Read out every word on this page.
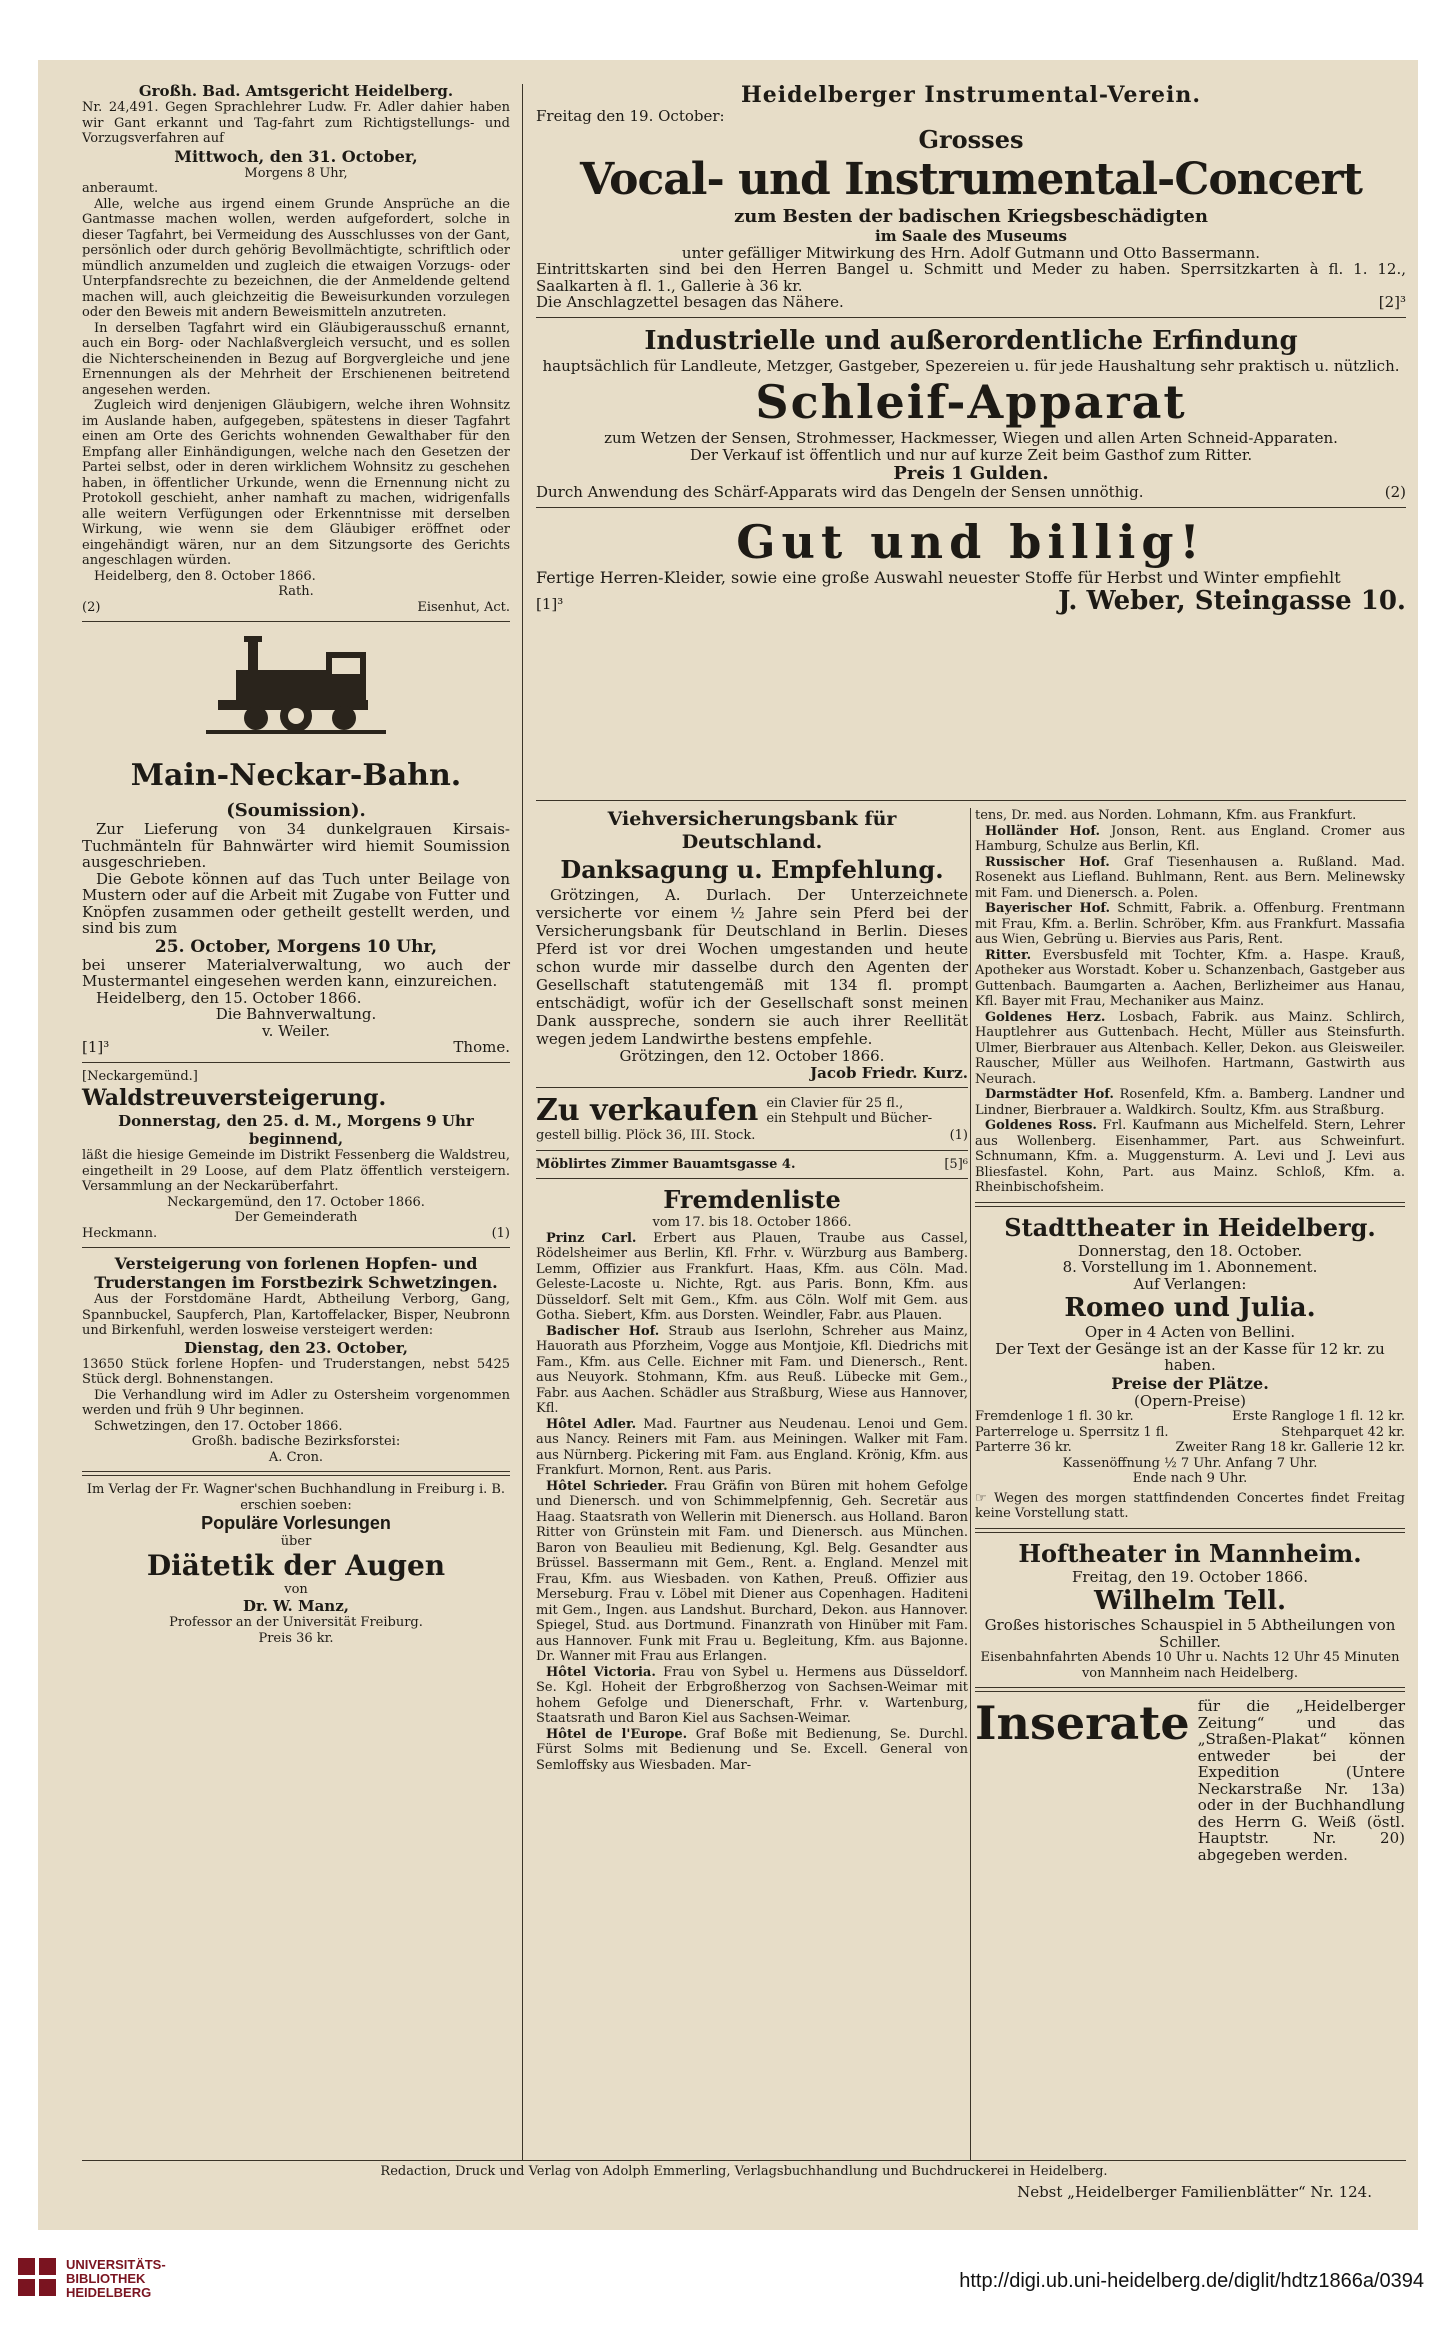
Großh. Bad. Amtsgericht Heidelberg.

Nr. 24,491. Gegen Sprachlehrer Ludw. Fr. Adler dahier haben wir Gant erkannt und Tag-fahrt zum Richtigstellungs- und Vorzugsverfahren auf

Mittwoch, den 31. October,

Morgens 8 Uhr,

anberaumt.

Alle, welche aus irgend einem Grunde Ansprüche an die Gantmasse machen wollen, werden aufgefordert, solche in dieser Tagfahrt, bei Vermeidung des Ausschlusses von der Gant, persönlich oder durch gehörig Bevollmächtigte, schriftlich oder mündlich anzumelden und zugleich die etwaigen Vorzugs- oder Unterpfandsrechte zu bezeichnen, die der Anmeldende geltend machen will, auch gleichzeitig die Beweisurkunden vorzulegen oder den Beweis mit andern Beweismitteln anzutreten.

In derselben Tagfahrt wird ein Gläubigerausschuß ernannt, auch ein Borg- oder Nachlaßvergleich versucht, und es sollen die Nichterscheinenden in Bezug auf Borgvergleiche und jene Ernennungen als der Mehrheit der Erschienenen beitretend angesehen werden.

Zugleich wird denjenigen Gläubigern, welche ihren Wohnsitz im Auslande haben, aufgegeben, spätestens in dieser Tagfahrt einen am Orte des Gerichts wohnenden Gewalthaber für den Empfang aller Einhändigungen, welche nach den Gesetzen der Partei selbst, oder in deren wirklichem Wohnsitz zu geschehen haben, in öffentlicher Urkunde, wenn die Ernennung nicht zu Protokoll geschieht, anher namhaft zu machen, widrigenfalls alle weitern Verfügungen oder Erkenntnisse mit derselben Wirkung, wie wenn sie dem Gläubiger eröffnet oder eingehändigt wären, nur an dem Sitzungsorte des Gerichts angeschlagen würden.

Heidelberg, den 8. October 1866.

Rath.

(2)	Eisenhut, Act.

Main-Neckar-Bahn.

(Soumission).

Zur Lieferung von 34 dunkelgrauen Kirsais-Tuchmänteln für Bahnwärter wird hiemit Soumission ausgeschrieben.

Die Gebote können auf das Tuch unter Beilage von Mustern oder auf die Arbeit mit Zugabe von Futter und Knöpfen zusammen oder getheilt gestellt werden, und sind bis zum

25. October, Morgens 10 Uhr,

bei unserer Materialverwaltung, wo auch der Mustermantel eingesehen werden kann, einzureichen.

Heidelberg, den 15. October 1866.

Die Bahnverwaltung.

v. Weiler.

[1]³	Thome.

[Neckargemünd.]

Waldstreuversteigerung.

Donnerstag, den 25. d. M., Morgens 9 Uhr beginnend,

läßt die hiesige Gemeinde im Distrikt Fessenberg die Waldstreu, eingetheilt in 29 Loose, auf dem Platz öffentlich versteigern. Versammlung an der Neckarüberfahrt.

Neckargemünd, den 17. October 1866.

Der Gemeinderath

Heckmann.	(1)

Versteigerung von forlenen Hopfen- und Truderstangen im Forstbezirk Schwetzingen.

Aus der Forstdomäne Hardt, Abtheilung Verborg, Gang, Spannbuckel, Saupferch, Plan, Kartoffelacker, Bisper, Neubronn und Birkenfuhl, werden losweise versteigert werden:

Dienstag, den 23. October,

13650 Stück forlene Hopfen- und Truderstangen, nebst 5425 Stück dergl. Bohnenstangen.

Die Verhandlung wird im Adler zu Ostersheim vorgenommen werden und früh 9 Uhr beginnen.

Schwetzingen, den 17. October 1866.

Großh. badische Bezirksforstei:

A. Cron.

Im Verlag der Fr. Wagner'schen Buchhandlung in Freiburg i. B. erschien soeben:

Populäre Vorlesungen

über

Diätetik der Augen

von

Dr. W. Manz,

Professor an der Universität Freiburg.

Preis 36 kr.

Heidelberger Instrumental-Verein.

Freitag den 19. October:

Grosses

Vocal- und Instrumental-Concert

zum Besten der badischen Kriegsbeschädigten

im Saale des Museums

unter gefälliger Mitwirkung des Hrn. Adolf Gutmann und Otto Bassermann.

Eintrittskarten sind bei den Herren Bangel u. Schmitt und Meder zu haben. Sperrsitzkarten à fl. 1. 12., Saalkarten à fl. 1., Gallerie à 36 kr.

Die Anschlagzettel besagen das Nähere.	[2]³

Industrielle und außerordentliche Erfindung

hauptsächlich für Landleute, Metzger, Gastgeber, Spezereien u. für jede Haushaltung sehr praktisch u. nützlich.

Schleif-Apparat

zum Wetzen der Sensen, Strohmesser, Hackmesser, Wiegen und allen Arten Schneid-Apparaten.

Der Verkauf ist öffentlich und nur auf kurze Zeit beim Gasthof zum Ritter.

Preis 1 Gulden.

Durch Anwendung des Schärf-Apparats wird das Dengeln der Sensen unnöthig.	(2)

Gut und billig!

Fertige Herren-Kleider, sowie eine große Auswahl neuester Stoffe für Herbst und Winter empfiehlt

[1]³	J. Weber, Steingasse 10.

Viehversicherungsbank für Deutschland.

Danksagung u. Empfehlung.

Grötzingen, A. Durlach. Der Unterzeichnete versicherte vor einem ½ Jahre sein Pferd bei der Versicherungsbank für Deutschland in Berlin. Dieses Pferd ist vor drei Wochen umgestanden und heute schon wurde mir dasselbe durch den Agenten der Gesellschaft statutengemäß mit 134 fl. prompt entschädigt, wofür ich der Gesellschaft sonst meinen Dank ausspreche, sondern sie auch ihrer Reellität wegen jedem Landwirthe bestens empfehle.

Grötzingen, den 12. October 1866.

Jacob Friedr. Kurz.

Zu verkaufen ein Clavier für 25 fl.,

ein Stehpult und Bücher-

gestell billig. Plöck 36, III. Stock.	(1)
Möblirtes Zimmer Bauamtsgasse 4.	[5]⁶

Fremdenliste

vom 17. bis 18. October 1866.

Prinz Carl. Erbert aus Plauen, Traube aus Cassel, Rödelsheimer aus Berlin, Kfl. Frhr. v. Würzburg aus Bamberg. Lemm, Offizier aus Frankfurt. Haas, Kfm. aus Cöln. Mad. Geleste-Lacoste u. Nichte, Rgt. aus Paris. Bonn, Kfm. aus Düsseldorf. Selt mit Gem., Kfm. aus Cöln. Wolf mit Gem. aus Gotha. Siebert, Kfm. aus Dorsten. Weindler, Fabr. aus Plauen.

Badischer Hof. Straub aus Iserlohn, Schreher aus Mainz, Hauorath aus Pforzheim, Vogge aus Montjoie, Kfl. Diedrichs mit Fam., Kfm. aus Celle. Eichner mit Fam. und Dienersch., Rent. aus Neuyork. Stohmann, Kfm. aus Reuß. Lübecke mit Gem., Fabr. aus Aachen. Schädler aus Straßburg, Wiese aus Hannover, Kfl.

Hôtel Adler. Mad. Faurtner aus Neudenau. Lenoi und Gem. aus Nancy. Reiners mit Fam. aus Meiningen. Walker mit Fam. aus Nürnberg. Pickering mit Fam. aus England. Krönig, Kfm. aus Frankfurt. Mornon, Rent. aus Paris.

Hôtel Schrieder. Frau Gräfin von Büren mit hohem Gefolge und Dienersch. und von Schimmelpfennig, Geh. Secretär aus Haag. Staatsrath von Wellerin mit Dienersch. aus Holland. Baron Ritter von Grünstein mit Fam. und Dienersch. aus München. Baron von Beaulieu mit Bedienung, Kgl. Belg. Gesandter aus Brüssel. Bassermann mit Gem., Rent. a. England. Menzel mit Frau, Kfm. aus Wiesbaden. von Kathen, Preuß. Offizier aus Merseburg. Frau v. Löbel mit Diener aus Copenhagen. Haditeni mit Gem., Ingen. aus Landshut. Burchard, Dekon. aus Hannover. Spiegel, Stud. aus Dortmund. Finanzrath von Hinüber mit Fam. aus Hannover. Funk mit Frau u. Begleitung, Kfm. aus Bajonne. Dr. Wanner mit Frau aus Erlangen.

Hôtel Victoria. Frau von Sybel u. Hermens aus Düsseldorf. Se. Kgl. Hoheit der Erbgroßherzog von Sachsen-Weimar mit hohem Gefolge und Dienerschaft, Frhr. v. Wartenburg, Staatsrath und Baron Kiel aus Sachsen-Weimar.

Hôtel de l'Europe. Graf Boße mit Bedienung, Se. Durchl. Fürst Solms mit Bedienung und Se. Excell. General von Semloffsky aus Wiesbaden. Mar-

tens, Dr. med. aus Norden. Lohmann, Kfm. aus Frankfurt.

Holländer Hof. Jonson, Rent. aus England. Cromer aus Hamburg, Schulze aus Berlin, Kfl.

Russischer Hof. Graf Tiesenhausen a. Rußland. Mad. Rosenekt aus Liefland. Buhlmann, Rent. aus Bern. Melinewsky mit Fam. und Dienersch. a. Polen.

Bayerischer Hof. Schmitt, Fabrik. a. Offenburg. Frentmann mit Frau, Kfm. a. Berlin. Schröber, Kfm. aus Frankfurt. Massafia aus Wien, Gebrüng u. Biervies aus Paris, Rent.

Ritter. Eversbusfeld mit Tochter, Kfm. a. Haspe. Krauß, Apotheker aus Worstadt. Kober u. Schanzenbach, Gastgeber aus Guttenbach. Baumgarten a. Aachen, Berlizheimer aus Hanau, Kfl. Bayer mit Frau, Mechaniker aus Mainz.

Goldenes Herz. Losbach, Fabrik. aus Mainz. Schlirch, Hauptlehrer aus Guttenbach. Hecht, Müller aus Steinsfurth. Ulmer, Bierbrauer aus Altenbach. Keller, Dekon. aus Gleisweiler. Rauscher, Müller aus Weilhofen. Hartmann, Gastwirth aus Neurach.

Darmstädter Hof. Rosenfeld, Kfm. a. Bamberg. Landner und Lindner, Bierbrauer a. Waldkirch. Soultz, Kfm. aus Straßburg.

Goldenes Ross. Frl. Kaufmann aus Michelfeld. Stern, Lehrer aus Wollenberg. Eisenhammer, Part. aus Schweinfurt. Schnumann, Kfm. a. Muggensturm. A. Levi und J. Levi aus Bliesfastel. Kohn, Part. aus Mainz. Schloß, Kfm. a. Rheinbischofsheim.

Stadttheater in Heidelberg.

Donnerstag, den 18. October.

8. Vorstellung im 1. Abonnement.

Auf Verlangen:

Romeo und Julia.

Oper in 4 Acten von Bellini.

Der Text der Gesänge ist an der Kasse für 12 kr. zu haben.

Preise der Plätze.

(Opern-Preise)

Fremdenloge 1 fl. 30 kr.	Erste Rangloge 1 fl. 12 kr.
Parterreloge u. Sperrsitz 1 fl.	Stehparquet 42 kr.
Parterre 36 kr.	Zweiter Rang 18 kr. Gallerie 12 kr.

Kassenöffnung ½ 7 Uhr. Anfang 7 Uhr.

Ende nach 9 Uhr.

☞ Wegen des morgen stattfindenden Concertes findet Freitag keine Vorstellung statt.

Hoftheater in Mannheim.

Freitag, den 19. October 1866.

Wilhelm Tell.

Großes historisches Schauspiel in 5 Abtheilungen von Schiller.

Eisenbahnfahrten Abends 10 Uhr u. Nachts 12 Uhr 45 Minuten von Mannheim nach Heidelberg.

Inserate für die „Heidelberger Zeitung“ und das „Straßen-Plakat“ können entweder bei der Expedition (Untere Neckarstraße Nr. 13a) oder in der Buchhandlung des Herrn G. Weiß (östl. Hauptstr. Nr. 20) abgegeben werden.

Redaction, Druck und Verlag von Adolph Emmerling, Verlagsbuchhandlung und Buchdruckerei in Heidelberg.

Nebst „Heidelberger Familienblätter“ Nr. 124.

UNIVERSITÄTS-
BIBLIOTHEK
HEIDELBERG
http://digi.ub.uni-heidelberg.de/diglit/hdtz1866a/0394
